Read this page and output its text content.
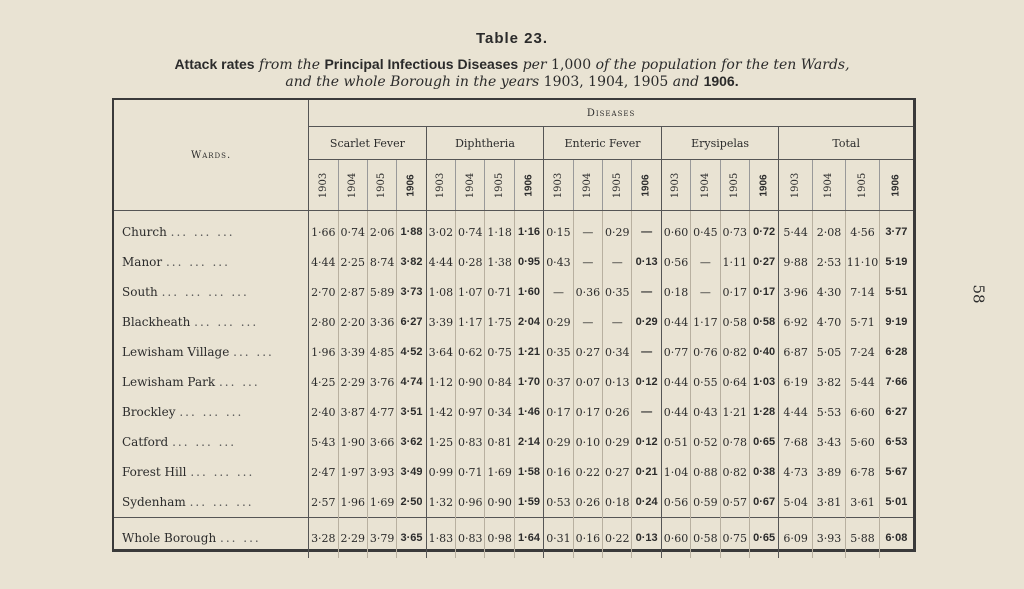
Table 23.
Attack rates from the Principal Infectious Diseases per 1,000 of the population for the ten Wards,
and the whole Borough in the years 1903, 1904, 1905 and 1906.
58
Wards.	Diseases																			
	Scarlet Fever				Diphtheria				Enteric Fever				Erysipelas				Total			
	1903	1904	1905	1906	1903	1904	1905	1906	1903	1904	1905	1906	1903	1904	1905	1906	1903	1904	1905	1906
Church ... ... ...	1·66	0·74	2·06	1·88	3·02	0·74	1·18	1·16	0·15	—	0·29	—	0·60	0·45	0·73	0·72	5·44	2·08	4·56	3·77
Manor ... ... ...	4·44	2·25	8·74	3·82	4·44	0·28	1·38	0·95	0·43	—	—	0·13	0·56	—	1·11	0·27	9·88	2·53	11·10	5·19
South ... ... ... ...	2·70	2·87	5·89	3·73	1·08	1·07	0·71	1·60	—	0·36	0·35	—	0·18	—	0·17	0·17	3·96	4·30	7·14	5·51
Blackheath ... ... ...	2·80	2·20	3·36	6·27	3·39	1·17	1·75	2·04	0·29	—	—	0·29	0·44	1·17	0·58	0·58	6·92	4·70	5·71	9·19
Lewisham Village ... ...	1·96	3·39	4·85	4·52	3·64	0·62	0·75	1·21	0·35	0·27	0·34	—	0·77	0·76	0·82	0·40	6·87	5·05	7·24	6·28
Lewisham Park ... ...	4·25	2·29	3·76	4·74	1·12	0·90	0·84	1·70	0·37	0·07	0·13	0·12	0·44	0·55	0·64	1·03	6·19	3·82	5·44	7·66
Brockley ... ... ...	2·40	3·87	4·77	3·51	1·42	0·97	0·34	1·46	0·17	0·17	0·26	—	0·44	0·43	1·21	1·28	4·44	5·53	6·60	6·27
Catford ... ... ...	5·43	1·90	3·66	3·62	1·25	0·83	0·81	2·14	0·29	0·10	0·29	0·12	0·51	0·52	0·78	0·65	7·68	3·43	5·60	6·53
Forest Hill ... ... ...	2·47	1·97	3·93	3·49	0·99	0·71	1·69	1·58	0·16	0·22	0·27	0·21	1·04	0·88	0·82	0·38	4·73	3·89	6·78	5·67
Sydenham ... ... ...	2·57	1·96	1·69	2·50	1·32	0·96	0·90	1·59	0·53	0·26	0·18	0·24	0·56	0·59	0·57	0·67	5·04	3·81	3·61	5·01
Whole Borough ... ...	3·28	2·29	3·79	3·65	1·83	0·83	0·98	1·64	0·31	0·16	0·22	0·13	0·60	0·58	0·75	0·65	6·09	3·93	5·88	6·08
